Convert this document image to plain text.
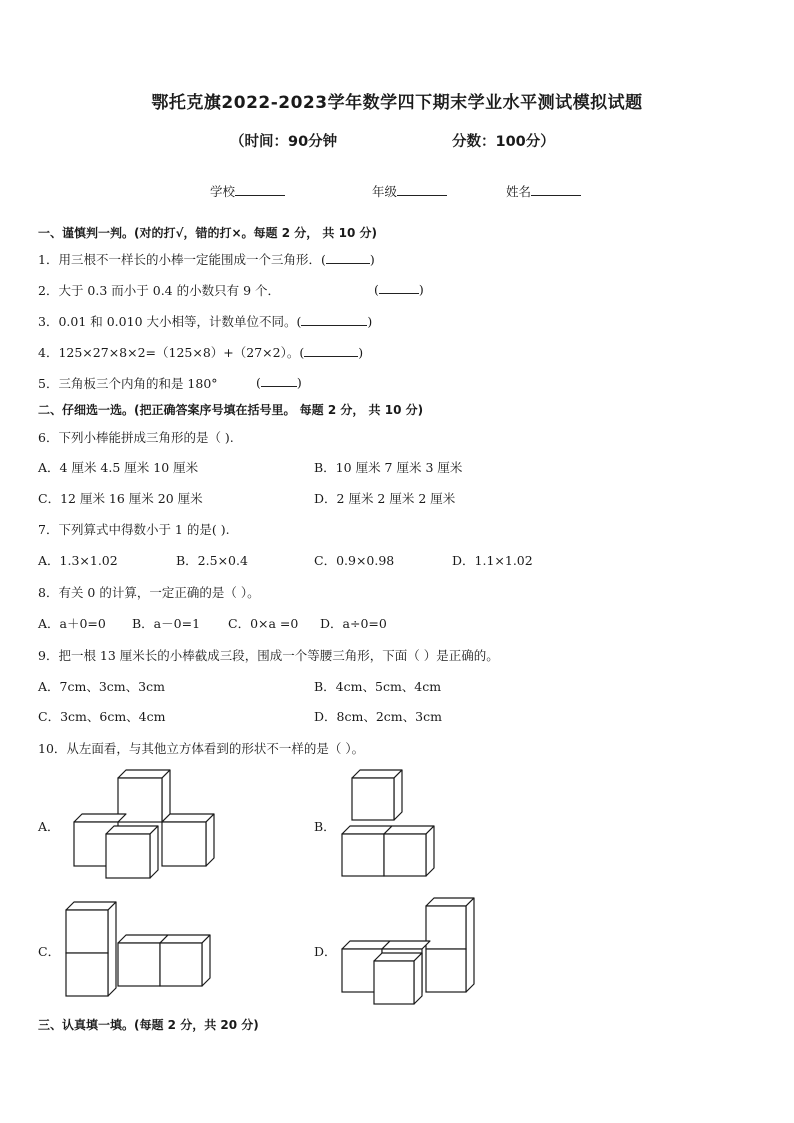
鄂托克旗2022-2023学年数学四下期末学业水平测试模拟试题
（时间：90分钟	分数：100分）
学校	年级	姓名
一、谨慎判一判。(对的打√，错的打×。每题 2 分， 共 10 分)
1．用三根不一样长的小棒一定能围成一个三角形．(	)
2．大于 0.3 而小于 0.4 的小数只有 9 个．	(	)
3．0.01 和 0.010 大小相等，计数单位不同。(	)
4．125×27×8×2=（125×8）+（27×2）。(	)
5．三角板三个内角的和是 180°	(	)
二、仔细选一选。(把正确答案序号填在括号里。 每题 2 分， 共 10 分)
6．下列小棒能拼成三角形的是（ ).
A．4 厘米 4.5 厘米 10 厘米	B．10 厘米 7 厘米 3 厘米
C．12 厘米 16 厘米 20 厘米	D．2 厘米 2 厘米 2 厘米
7．下列算式中得数小于 1 的是( ).
A．1.3×1.02	B．2.5×0.4	C．0.9×0.98	D．1.1×1.02
8．有关 0 的计算，一定正确的是（ ）。
A．a＋0=0 B．a－0=1 C．0×a =0 D．a÷0=0
9．把一根 13 厘米长的小棒截成三段，围成一个等腰三角形，下面（ ）是正确的。
A．7cm、3cm、3cm	B．4cm、5cm、4cm
C．3cm、6cm、4cm	D．8cm、2cm、3cm
10．从左面看，与其他立方体看到的形状不一样的是（ ）。
A．	B．
C．	D．
三、认真填一填。(每题 2 分，共 20 分)
